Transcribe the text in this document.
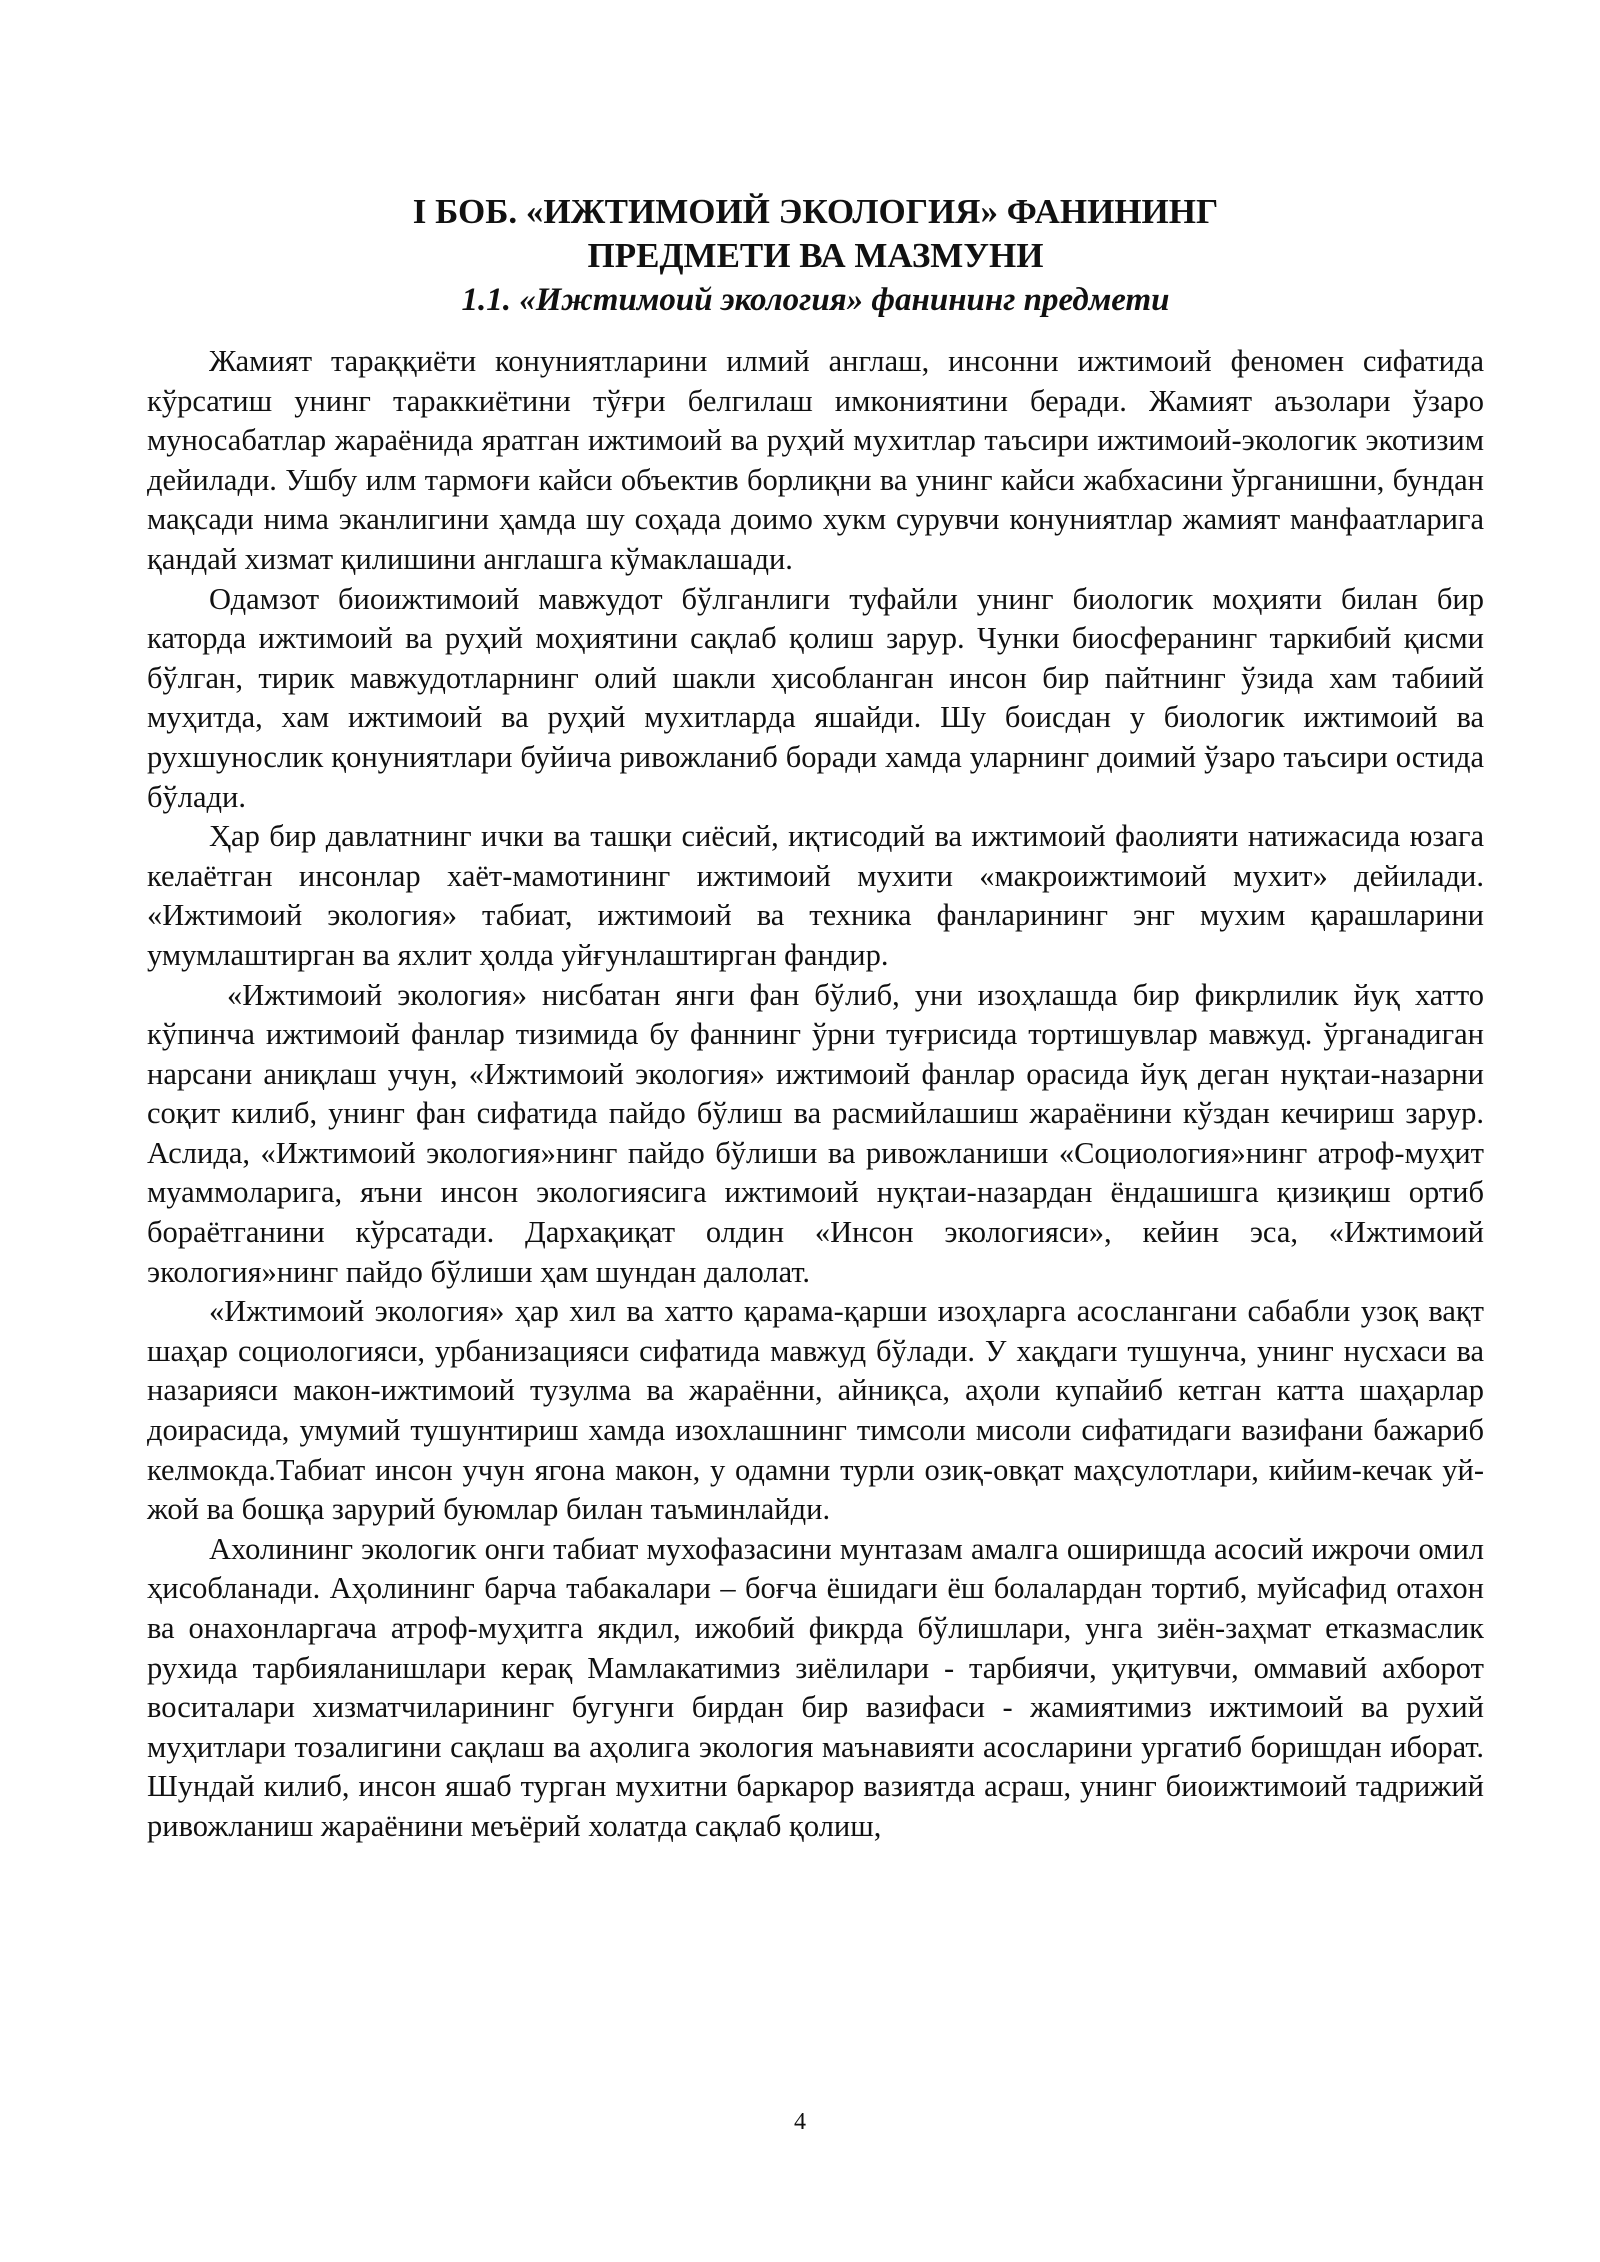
I БОБ. «ИЖТИМОИЙ ЭКОЛОГИЯ» ФАНИНИНГ

ПРЕДМЕТИ ВА МАЗМУНИ

1.1. «Ижтимоий экология» фанининг предмети

Жамият тараққиёти конуниятларини илмий англаш, инсонни ижтимоий феномен сифатида кўрсатиш унинг тараккиётини тўғри белгилаш имкониятини беради. Жамият аъзолари ўзаро муносабатлар жараёнида яратган ижтимоий ва руҳий мухитлар таъсири ижтимоий-экологик экотизим дейилади. Ушбу илм тармоғи кайси объектив борлиқни ва унинг кайси жабхасини ўрганишни, бундан мақсади нима эканлигини ҳамда шу соҳада доимо хукм сурувчи конуниятлар жамият манфаатларига қандай хизмат қилишини англашга кўмаклашади.

Одамзот биоижтимоий мавжудот бўлганлиги туфайли унинг биологик моҳияти билан бир каторда ижтимоий ва руҳий моҳиятини сақлаб қолиш зарур. Чунки биосфеpанинг таркибий қисми бўлган, тирик мавжудотларнинг олий шакли ҳисобланган инсон бир пайтнинг ўзида хам табиий муҳитда, хам ижтимоий ва руҳий мухитларда яшайди. Шу боисдан у биологик ижтимоий ва рухшунослик қонуниятлари буйича ривожланиб боради хамда уларнинг доимий ўзаро таъсири остида бўлади.

Ҳар бир давлатнинг ички ва ташқи сиёсий, иқтисодий ва ижтимоий фаолияти натижасида юзага келаётган инсонлар хаёт-мамотининг ижтимоий мухити «макроижтимоий мухит» дейилади. «Ижтимоий экология» табиат, ижтимоий ва техника фанларининг энг мухим қарашларини умумлаштирган ва яхлит ҳолда уйғунлаштирган фандир.

«Ижтимоий экология» нисбатан янги фан бўлиб, уни изоҳлашда бир фикрлилик йуқ хатто кўпинча ижтимоий фанлар тизимида бу фаннинг ўрни туғрисида тортишувлар мавжуд. ўрганадиган нарсани аниқлаш учун, «Ижтимоий экология» ижтимоий фанлар орасида йуқ деган нуқтаи-назарни соқит килиб, унинг фан сифатида пайдо бўлиш ва расмийлашиш жараёнини кўздан кечириш зарур. Аслида, «Ижтимоий экология»нинг пайдо бўлиши ва ривожланиши «Социология»нинг атроф-муҳит муаммоларига, яъни инсон экологиясига ижтимоий нуқтаи-назардан ёндашишга қизиқиш ортиб бораётганини кўрсатади. Дархақиқат олдин «Инсон экологияси», кейин эса, «Ижтимоий экология»нинг пайдо бўлиши ҳам шундан далолат.

«Ижтимоий экология» ҳар хил ва хатто қарама-қарши изоҳларга асослангани сабабли узоқ вақт шаҳар социологияси, урбанизацияси сифатида мавжуд бўлади. У хақдаги тушунча, унинг нусхаси ва назарияси макон-ижтимоий тузулма ва жараённи, айниқса, аҳоли купайиб кетган катта шаҳарлар доирасида, умумий тушунтириш хамда изохлашнинг тимсоли мисоли сифатидаги вазифани бажариб келмокда.Табиат инсон учун ягона макон, у одамни турли озиқ-овқат маҳсулотлари, кийим-кечак уй-жой ва бошқа зарурий буюмлар билан таъминлайди.

Ахолининг экологик онги табиат мухофазасини мунтазам амалга оширишда асосий ижрочи омил ҳисобланади. Аҳолининг барча табакалари – боғча ёшидаги ёш болалардан тортиб, муйсафид отахон ва онахонларгача атроф-муҳитга якдил, ижобий фикрда бўлишлари, унга зиён-заҳмат етказмаслик рухида тарбияланишлари керақ Мамлакатимиз зиёлилари - тарбиячи, уқитувчи, оммавий ахборот воситалари хизматчиларининг бугунги бирдан бир вазифаси - жамиятимиз ижтимоий ва рухий муҳитлари тозалигини сақлаш ва аҳолига экология маънавияти асосларини ургатиб боришдан иборат. Шундай килиб, инсон яшаб турган мухитни баркарор вазиятда асраш, унинг биоижтимоий тадрижий ривожланиш жараёнини меъёрий холатда сақлаб қолиш,

4
